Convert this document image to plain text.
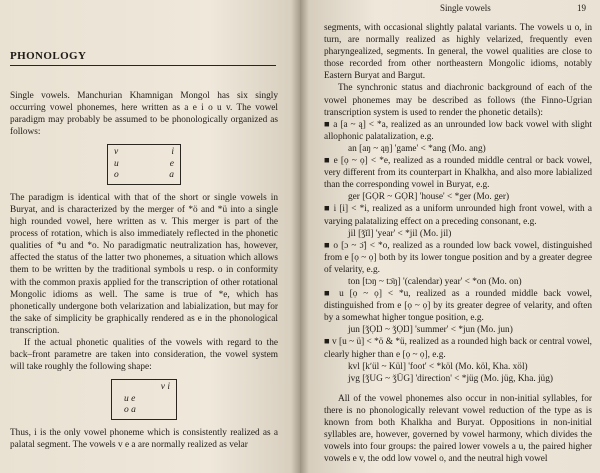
PHONOLOGY

Single vowels. Manchurian Khamnigan Mongol has six singly occurring vowel phonemes, here written as a e i o u v. The vowel paradigm may probably be assumed to be phonologically organized as follows:

v	i
u	e
o	a

The paradigm is identical with that of the short or single vowels in Buryat, and is characterized by the merger of *ö and *ü into a single high rounded vowel, here written as v. This merger is part of the process of rotation, which is also immediately reflected in the phonetic qualities of *u and *o. No paradigmatic neutralization has, however, affected the status of the latter two phonemes, a situation which allows them to be written by the traditional symbols u resp. o in conformity with the common praxis applied for the transcription of other rotational Mongolic idioms as well. The same is true of *e, which has phonetically undergone both velarization and labialization, but may for the sake of simplicity be graphically rendered as e in the phonological transcription.

If the actual phonetic qualities of the vowels with regard to the back–front parametre are taken into consideration, the vowel system will take roughly the following shape:

v i
u e
o a

Thus, i is the only vowel phoneme which is consistently realized as a palatal segment. The vowels v e a are normally realized as velar

Single vowels	19

segments, with occasional slightly palatal variants. The vowels u o, in turn, are normally realized as highly velarized, frequently even pharyngealized, segments. In general, the vowel qualities are close to those recorded from other northeastern Mongolic idioms, notably Eastern Buryat and Bargut.

The synchronic status and diachronic background of each of the vowel phonemes may be described as follows (the Finno-Ugrian transcription system is used to render the phonetic details):

■ a [a ~ ą] < *a, realized as an unrounded low back vowel with slight allophonic palatalization, e.g.

an [aŋ ~ ąŋ] 'game' < *ang (Mo. ang)

■ e [ọ ~ ọ] < *e, realized as a rounded middle central or back vowel, very different from its counterpart in Khalkha, and also more labialized than the corresponding vowel in Buryat, e.g.

ger [GỌR ~ GỌR] 'house' < *ger (Mo. ger)

■ i [i] < *i, realized as a uniform unrounded high front vowel, with a varying palatalizing effect on a preceding consonant, e.g.

jil [ǯĭl] 'year' < *jil (Mo. jil)

■ o [ɔ ~ ɔ̈] < *o, realized as a rounded low back vowel, distinguished from e [ọ ~ ọ] both by its lower tongue position and by a greater degree of velarity, e.g.

ton [tɔŋ ~ tɔ̈ŋ] '(calendar) year' < *on (Mo. on)

■ u [ọ ~ ọ] < *u, realized as a rounded middle back vowel, distinguished from e [ọ ~ ọ] by its greater degree of velarity, and often by a somewhat higher tongue position, e.g.

jun [ǯỌŊ ~ ǯỌŊ] 'summer' < *jun (Mo. jun)

■ v [u ~ ü] < *ö & *ü, realized as a rounded high back or central vowel, clearly higher than e [ọ ~ ọ], e.g.

kvl [kʹül ~ Kül] 'foot' < *köl (Mo. köl, Kha. xöl)

jvg [ǯUG ~ ǯÜG] 'direction' < *jüg (Mo. jüg, Kha. jüg)

All of the vowel phonemes also occur in non-initial syllables, for there is no phonologically relevant vowel reduction of the type as is known from both Khalkha and Buryat. Oppositions in non-initial syllables are, however, governed by vowel harmony, which divides the vowels into four groups: the paired lower vowels a u, the paired higher vowels e v, the odd low vowel o, and the neutral high vowel
